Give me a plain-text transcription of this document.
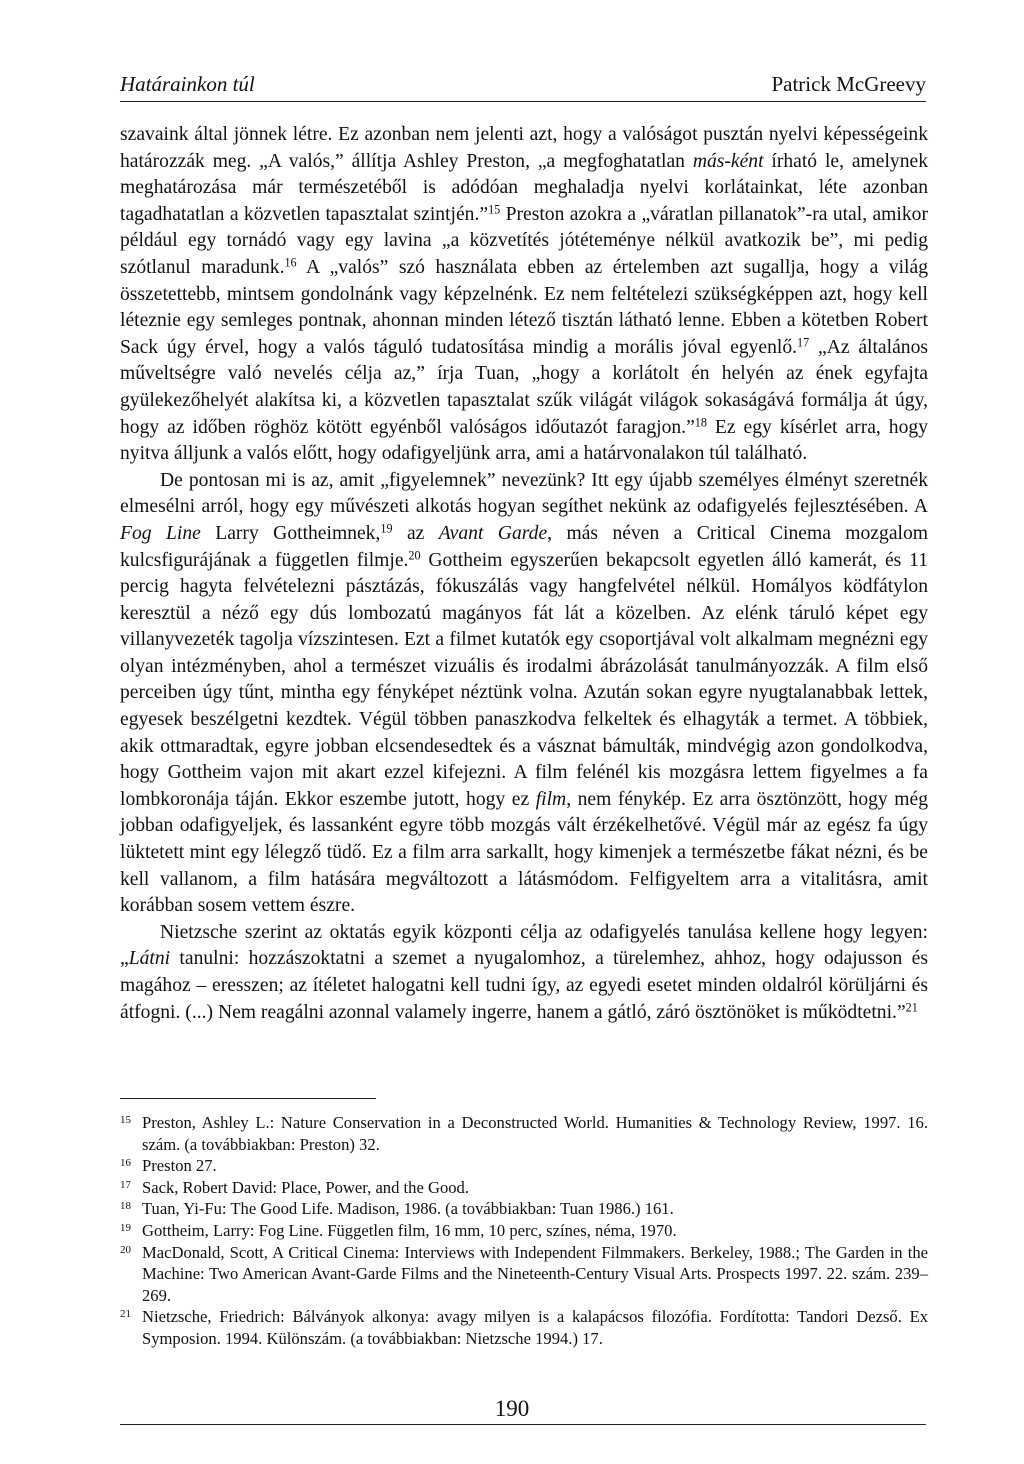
Határainkon túl	Patrick McGreevy

szavaink által jönnek létre. Ez azonban nem jelenti azt, hogy a valóságot pusztán nyelvi képességeink határozzák meg. „A valós,” állítja Ashley Preston, „a megfoghatatlan más-ként írható le, amelynek meghatározása már természetéből is adódóan meghaladja nyelvi korlátainkat, léte azonban tagadhatatlan a közvetlen tapasztalat szintjén.”$^{15}$ Preston azokra a „váratlan pillanatok”-ra utal, amikor például egy tornádó vagy egy lavina „a közvetítés jótéteménye nélkül avatkozik be”, mi pedig szótlanul maradunk.$^{16}$ A „valós” szó használata ebben az értelemben azt sugallja, hogy a világ összetettebb, mintsem gondolnánk vagy képzelnénk. Ez nem feltételezi szükségképpen azt, hogy kell léteznie egy semleges pontnak, ahonnan minden létező tisztán látható lenne. Ebben a kötetben Robert Sack úgy érvel, hogy a valós táguló tudatosítása mindig a morális jóval egyenlő.$^{17}$ „Az általános műveltségre való nevelés célja az,” írja Tuan, „hogy a korlátolt én helyén az ének egyfajta gyülekezőhelyét alakítsa ki, a közvetlen tapasztalat szűk világát világok sokaságává formálja át úgy, hogy az időben röghöz kötött egyénből valóságos időutazót faragjon.”$^{18}$ Ez egy kísérlet arra, hogy nyitva álljunk a valós előtt, hogy odafigyeljünk arra, ami a határvonalakon túl található.

De pontosan mi is az, amit „figyelemnek” nevezünk? Itt egy újabb személyes élményt szeretnék elmesélni arról, hogy egy művészeti alkotás hogyan segíthet nekünk az odafigyelés fejlesztésében. A Fog Line Larry Gottheimnek,$^{19}$ az Avant Garde, más néven a Critical Cinema mozgalom kulcsfigurájának a független filmje.$^{20}$ Gottheim egyszerűen bekapcsolt egyetlen álló kamerát, és 11 percig hagyta felvételezni pásztázás, fókuszálás vagy hangfelvétel nélkül. Homályos ködfátylon keresztül a néző egy dús lombozatú magányos fát lát a közelben. Az elénk táruló képet egy villanyvezeték tagolja vízszintesen. Ezt a filmet kutatók egy csoportjával volt alkalmam megnézni egy olyan intézményben, ahol a természet vizuális és irodalmi ábrázolását tanulmányozzák. A film első perceiben úgy tűnt, mintha egy fényképet néztünk volna. Azután sokan egyre nyugtalanabbak lettek, egyesek beszélgetni kezdtek. Végül többen panaszkodva felkeltek és elhagyták a termet. A többiek, akik ottmaradtak, egyre jobban elcsendesedtek és a vásznat bámulták, mindvégig azon gondolkodva, hogy Gottheim vajon mit akart ezzel kifejezni. A film felénél kis mozgásra lettem figyelmes a fa lombkoronája táján. Ekkor eszembe jutott, hogy ez film, nem fénykép. Ez arra ösztönzött, hogy még jobban odafigyeljek, és lassanként egyre több mozgás vált érzékelhetővé. Végül már az egész fa úgy lüktetett mint egy lélegző tüdő. Ez a film arra sarkallt, hogy kimenjek a természetbe fákat nézni, és be kell vallanom, a film hatására megváltozott a látásmódom. Felfigyeltem arra a vitalitásra, amit korábban sosem vettem észre.

Nietzsche szerint az oktatás egyik központi célja az odafigyelés tanulása kellene hogy legyen: „Látni tanulni: hozzászoktatni a szemet a nyugalomhoz, a türelemhez, ahhoz, hogy odajusson és magához – eresszen; az ítéletet halogatni kell tudni így, az egyedi esetet minden oldalról körüljárni és átfogni. (...) Nem reagálni azonnal valamely ingerre, hanem a gátló, záró ösztönöket is működtetni.”$^{21}$

15 Preston, Ashley L.: Nature Conservation in a Deconstructed World. Humanities & Technology Review, 1997. 16. szám. (a továbbiakban: Preston) 32.
16 Preston 27.
17 Sack, Robert David: Place, Power, and the Good.
18 Tuan, Yi-Fu: The Good Life. Madison, 1986. (a továbbiakban: Tuan 1986.) 161.
19 Gottheim, Larry: Fog Line. Független film, 16 mm, 10 perc, színes, néma, 1970.
20 MacDonald, Scott, A Critical Cinema: Interviews with Independent Filmmakers. Berkeley, 1988.; The Garden in the Machine: Two American Avant-Garde Films and the Nineteenth-Century Visual Arts. Prospects 1997. 22. szám. 239–269.
21 Nietzsche, Friedrich: Bálványok alkonya: avagy milyen is a kalapácsos filozófia. Fordította: Tandori Dezső. Ex Symposion. 1994. Különszám. (a továbbiakban: Nietzsche 1994.) 17.
190
